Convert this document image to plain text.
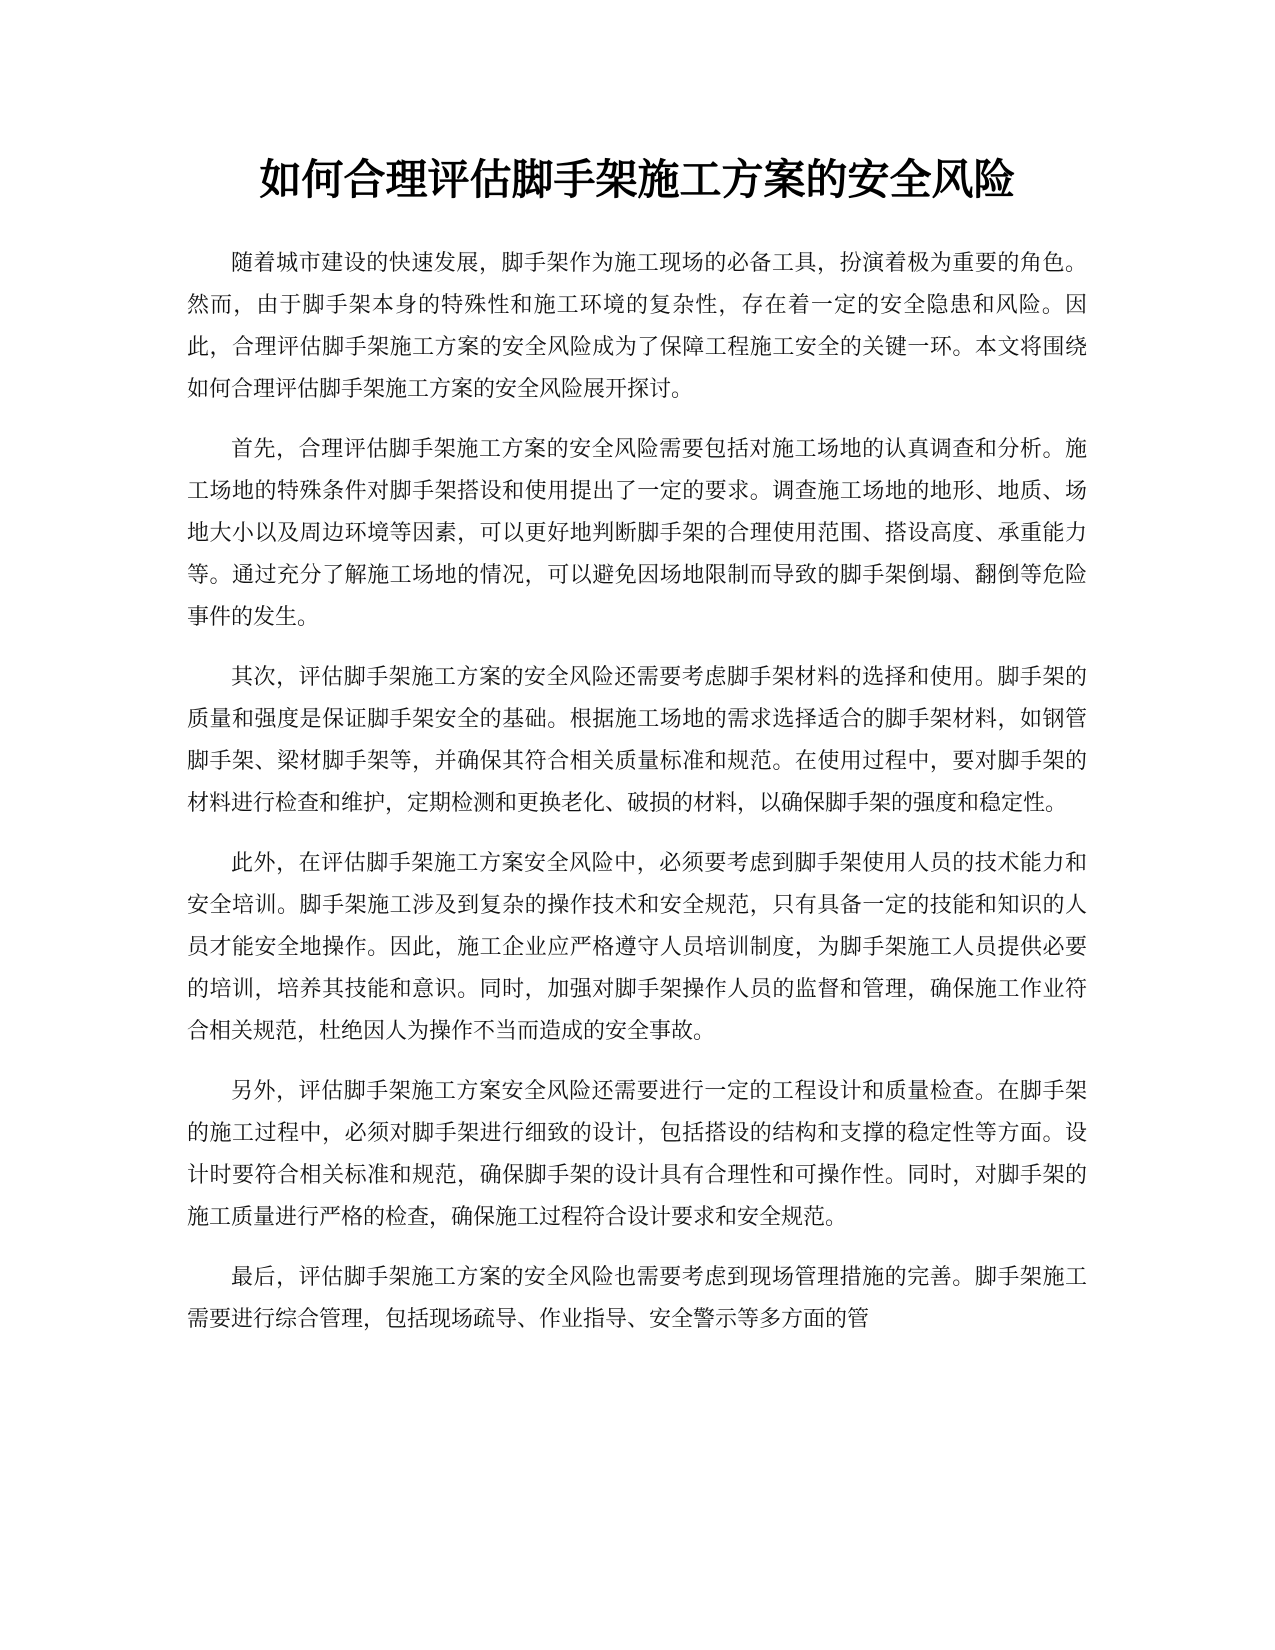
如何合理评估脚手架施工方案的安全风险

随着城市建设的快速发展，脚手架作为施工现场的必备工具，扮演着极为重要的角色。然而，由于脚手架本身的特殊性和施工环境的复杂性，存在着一定的安全隐患和风险。因此，合理评估脚手架施工方案的安全风险成为了保障工程施工安全的关键一环。本文将围绕如何合理评估脚手架施工方案的安全风险展开探讨。

首先，合理评估脚手架施工方案的安全风险需要包括对施工场地的认真调查和分析。施工场地的特殊条件对脚手架搭设和使用提出了一定的要求。调查施工场地的地形、地质、场地大小以及周边环境等因素，可以更好地判断脚手架的合理使用范围、搭设高度、承重能力等。通过充分了解施工场地的情况，可以避免因场地限制而导致的脚手架倒塌、翻倒等危险事件的发生。

其次，评估脚手架施工方案的安全风险还需要考虑脚手架材料的选择和使用。脚手架的质量和强度是保证脚手架安全的基础。根据施工场地的需求选择适合的脚手架材料，如钢管脚手架、梁材脚手架等，并确保其符合相关质量标准和规范。在使用过程中，要对脚手架的材料进行检查和维护，定期检测和更换老化、破损的材料，以确保脚手架的强度和稳定性。

此外，在评估脚手架施工方案安全风险中，必须要考虑到脚手架使用人员的技术能力和安全培训。脚手架施工涉及到复杂的操作技术和安全规范，只有具备一定的技能和知识的人员才能安全地操作。因此，施工企业应严格遵守人员培训制度，为脚手架施工人员提供必要的培训，培养其技能和意识。同时，加强对脚手架操作人员的监督和管理，确保施工作业符合相关规范，杜绝因人为操作不当而造成的安全事故。

另外，评估脚手架施工方案安全风险还需要进行一定的工程设计和质量检查。在脚手架的施工过程中，必须对脚手架进行细致的设计，包括搭设的结构和支撑的稳定性等方面。设计时要符合相关标准和规范，确保脚手架的设计具有合理性和可操作性。同时，对脚手架的施工质量进行严格的检查，确保施工过程符合设计要求和安全规范。

最后，评估脚手架施工方案的安全风险也需要考虑到现场管理措施的完善。脚手架施工需要进行综合管理，包括现场疏导、作业指导、安全警示等多方面的管
